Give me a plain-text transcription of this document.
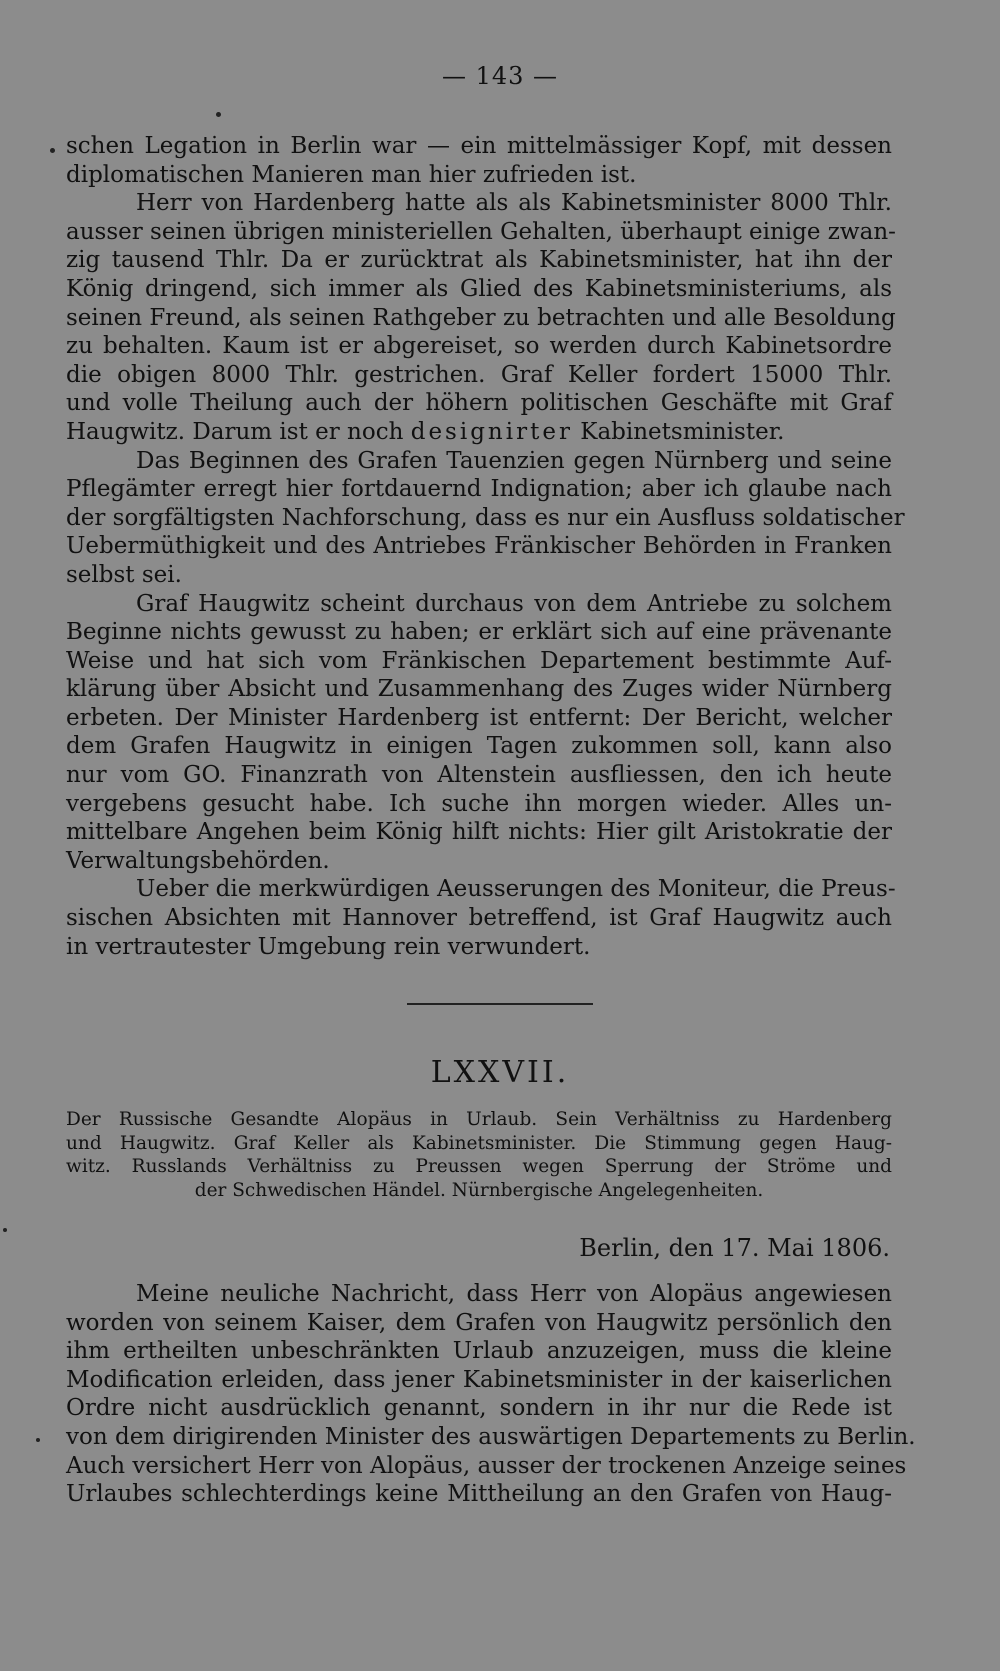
— 143 —
schen Legation in Berlin war — ein mittelmässiger Kopf, mit dessen
diplomatischen Manieren man hier zufrieden ist.
Herr von Hardenberg hatte als als Kabinetsminister 8000 Thlr.
ausser seinen übrigen ministeriellen Gehalten, überhaupt einige zwan-
zig tausend Thlr. Da er zurücktrat als Kabinetsminister, hat ihn der
König dringend, sich immer als Glied des Kabinetsministeriums, als
seinen Freund, als seinen Rathgeber zu betrachten und alle Besoldung
zu behalten. Kaum ist er abgereiset, so werden durch Kabinetsordre
die obigen 8000 Thlr. gestrichen. Graf Keller fordert 15000 Thlr.
und volle Theilung auch der höhern politischen Geschäfte mit Graf
Haugwitz. Darum ist er noch designirter Kabinetsminister.
Das Beginnen des Grafen Tauenzien gegen Nürnberg und seine
Pflegämter erregt hier fortdauernd Indignation; aber ich glaube nach
der sorgfältigsten Nachforschung, dass es nur ein Ausfluss soldatischer
Uebermüthigkeit und des Antriebes Fränkischer Behörden in Franken
selbst sei.
Graf Haugwitz scheint durchaus von dem Antriebe zu solchem
Beginne nichts gewusst zu haben; er erklärt sich auf eine prävenante
Weise und hat sich vom Fränkischen Departement bestimmte Auf-
klärung über Absicht und Zusammenhang des Zuges wider Nürnberg
erbeten. Der Minister Hardenberg ist entfernt: Der Bericht, welcher
dem Grafen Haugwitz in einigen Tagen zukommen soll, kann also
nur vom GO. Finanzrath von Altenstein ausfliessen, den ich heute
vergebens gesucht habe. Ich suche ihn morgen wieder. Alles un-
mittelbare Angehen beim König hilft nichts: Hier gilt Aristokratie der
Verwaltungsbehörden.
Ueber die merkwürdigen Aeusserungen des Moniteur, die Preus-
sischen Absichten mit Hannover betreffend, ist Graf Haugwitz auch
in vertrautester Umgebung rein verwundert.
LXXVII.
Der Russische Gesandte Alopäus in Urlaub. Sein Verhältniss zu Hardenberg
und Haugwitz. Graf Keller als Kabinetsminister. Die Stimmung gegen Haug-
witz. Russlands Verhältniss zu Preussen wegen Sperrung der Ströme und
der Schwedischen Händel. Nürnbergische Angelegenheiten.
Berlin, den 17. Mai 1806.
Meine neuliche Nachricht, dass Herr von Alopäus angewiesen
worden von seinem Kaiser, dem Grafen von Haugwitz persönlich den
ihm ertheilten unbeschränkten Urlaub anzuzeigen, muss die kleine
Modification erleiden, dass jener Kabinetsminister in der kaiserlichen
Ordre nicht ausdrücklich genannt, sondern in ihr nur die Rede ist
von dem dirigirenden Minister des auswärtigen Departements zu Berlin.
Auch versichert Herr von Alopäus, ausser der trockenen Anzeige seines
Urlaubes schlechterdings keine Mittheilung an den Grafen von Haug-
